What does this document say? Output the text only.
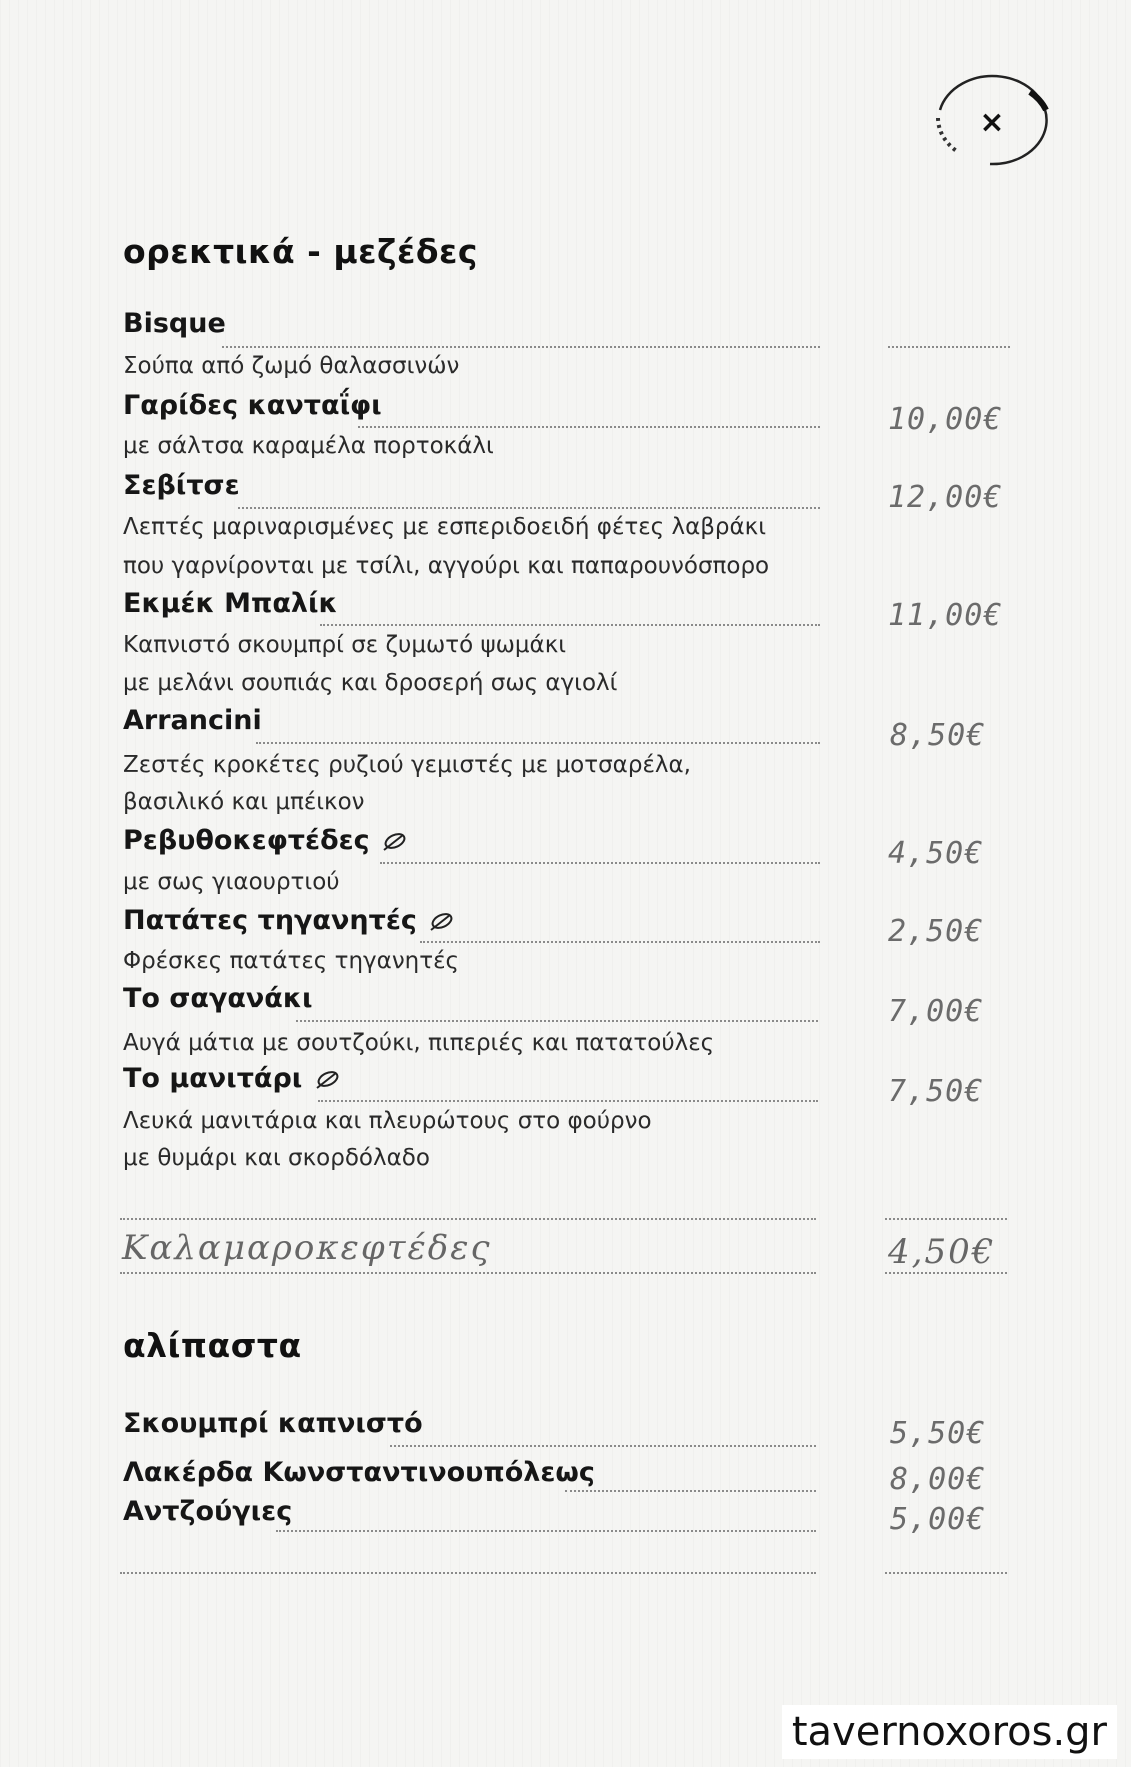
×
ορεκτικά - μεζέδες
Bisque
Σούπα από ζωμό θαλασσινών
Γαρίδες κανταΐφι	10,00€
με σάλτσα καραμέλα πορτοκάλι
Σεβίτσε	12,00€
Λεπτές μαριναρισμένες με εσπεριδοειδή φέτες λαβράκι
που γαρνίρονται με τσίλι, αγγούρι και παπαρουνόσπορο
Εκμέκ Μπαλίκ	11,00€
Καπνιστό σκουμπρί σε ζυμωτό ψωμάκι
με μελάνι σουπιάς και δροσερή σως αγιολί
Arrancini	8,50€
Ζεστές κροκέτες ρυζιού γεμιστές με μοτσαρέλα,
βασιλικό και μπέικον
Ρεβυθοκεφτέδες	4,50€
με σως γιαουρτιού
Πατάτες τηγανητές	2,50€
Φρέσκες πατάτες τηγανητές
Το σαγανάκι	7,00€
Αυγά μάτια με σουτζούκι, πιπεριές και πατατούλες
Το μανιτάρι	7,50€
Λευκά μανιτάρια και πλευρώτους στο φούρνο
με θυμάρι και σκορδόλαδο
Καλαμαροκεφτέδες	4,50€
αλίπαστα
Σκουμπρί καπνιστό	5,50€
Λακέρδα Κωνσταντινουπόλεως	8,00€
Αντζούγιες	5,00€
tavernoxoros.gr
